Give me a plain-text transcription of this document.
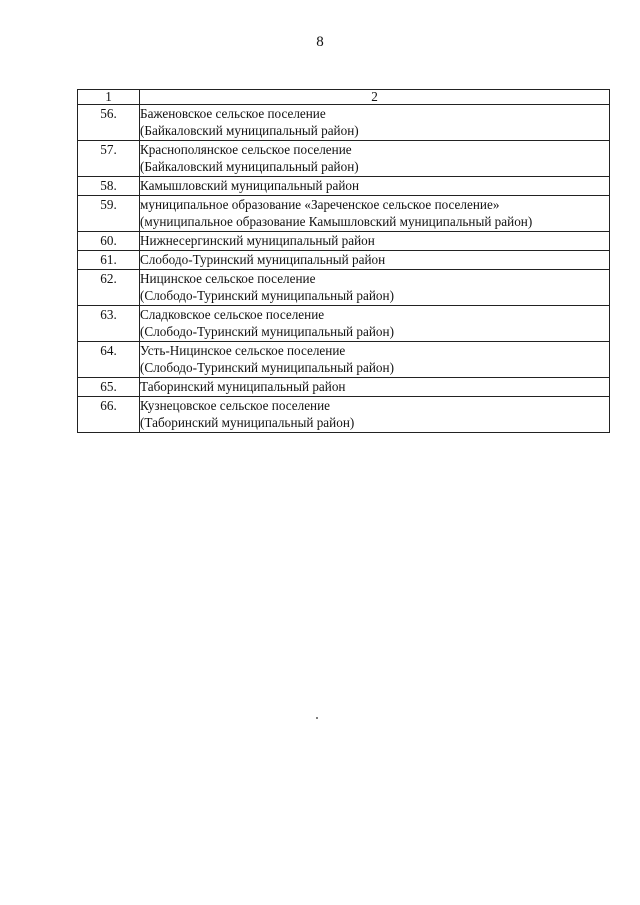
8
1	2
56.	Баженовское сельское поселение
(Байкаловский муниципальный район)

57.	Краснополянское сельское поселение
(Байкаловский муниципальный район)

58.	Камышловский муниципальный район

59.	муниципальное образование «Зареченское сельское поселение»
(муниципальное образование Камышловский муниципальный район)

60.	Нижнесергинский муниципальный район

61.	Слободо-Туринский муниципальный район

62.	Ницинское сельское поселение
(Слободо-Туринский муниципальный район)

63.	Сладковское сельское поселение
(Слободо-Туринский муниципальный район)

64.	Усть-Ницинское сельское поселение
(Слободо-Туринский муниципальный район)

65.	Таборинский муниципальный район

66.	Кузнецовское сельское поселение
(Таборинский муниципальный район)
